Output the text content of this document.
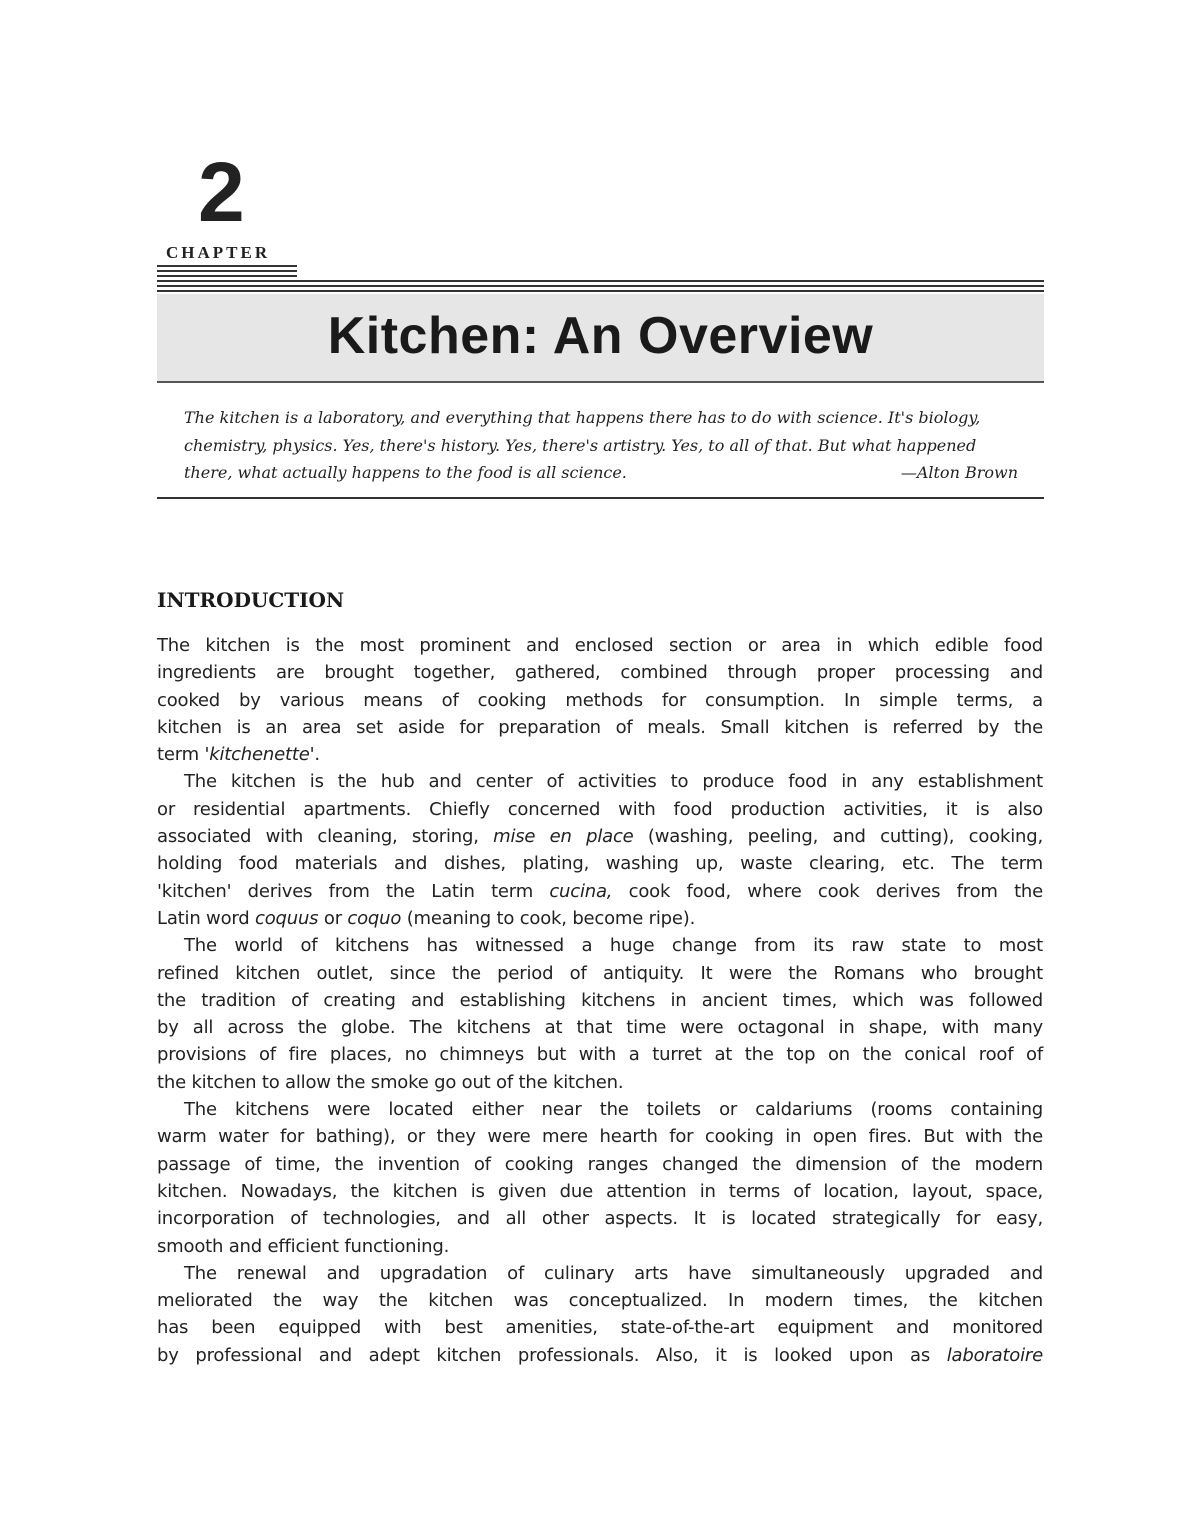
2
CHAPTER
Kitchen: An Overview
The kitchen is a laboratory, and everything that happens there has to do with science. It's biology,
chemistry, physics. Yes, there's history. Yes, there's artistry. Yes, to all of that. But what happened
there, what actually happens to the food is all science.	—Alton Brown
INTRODUCTION
The kitchen is the most prominent and enclosed section or area in which edible food
ingredients are brought together, gathered, combined through proper processing and
cooked by various means of cooking methods for consumption. In simple terms, a
kitchen is an area set aside for preparation of meals. Small kitchen is referred by the
term 'kitchenette'.
The kitchen is the hub and center of activities to produce food in any establishment
or residential apartments. Chiefly concerned with food production activities, it is also
associated with cleaning, storing, mise en place (washing, peeling, and cutting), cooking,
holding food materials and dishes, plating, washing up, waste clearing, etc. The term
'kitchen' derives from the Latin term cucina, cook food, where cook derives from the
Latin word coquus or coquo (meaning to cook, become ripe).
The world of kitchens has witnessed a huge change from its raw state to most
refined kitchen outlet, since the period of antiquity. It were the Romans who brought
the tradition of creating and establishing kitchens in ancient times, which was followed
by all across the globe. The kitchens at that time were octagonal in shape, with many
provisions of fire places, no chimneys but with a turret at the top on the conical roof of
the kitchen to allow the smoke go out of the kitchen.
The kitchens were located either near the toilets or caldariums (rooms containing
warm water for bathing), or they were mere hearth for cooking in open fires. But with the
passage of time, the invention of cooking ranges changed the dimension of the modern
kitchen. Nowadays, the kitchen is given due attention in terms of location, layout, space,
incorporation of technologies, and all other aspects. It is located strategically for easy,
smooth and efficient functioning.
The renewal and upgradation of culinary arts have simultaneously upgraded and
meliorated the way the kitchen was conceptualized. In modern times, the kitchen
has been equipped with best amenities, state-of-the-art equipment and monitored
by professional and adept kitchen professionals. Also, it is looked upon as laboratoire
